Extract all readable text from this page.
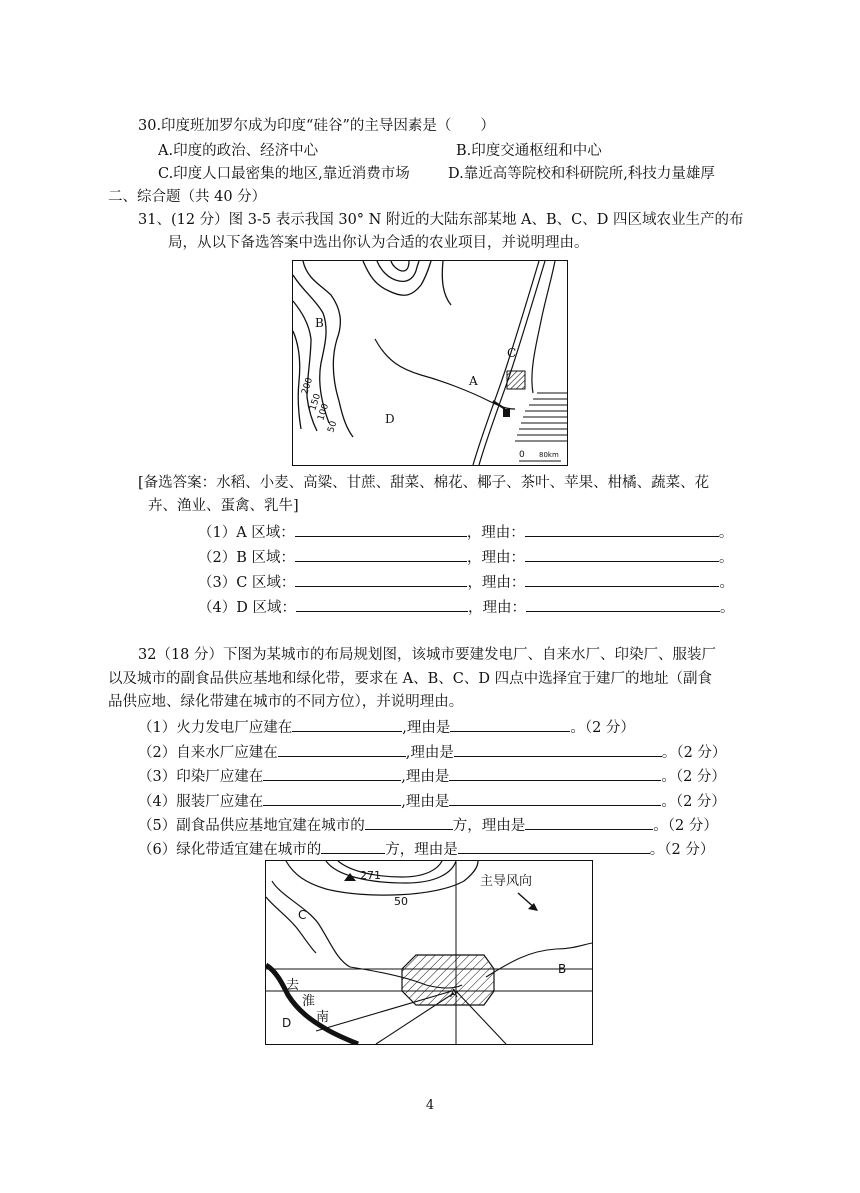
30.印度班加罗尔成为印度“硅谷”的主导因素是（　　）
A.印度的政治、经济中心	B.印度交通枢纽和中心
C.印度人口最密集的地区,靠近消费市场	D.靠近高等院校和科研院所,科技力量雄厚
二、综合题（共 40 分）
31、(12 分）图 3-5 表示我国 30° N 附近的大陆东部某地 A、B、C、D 四区域农业生产的布
局，从以下备选答案中选出你认为合适的农业项目，并说明理由。
B
C
A
D
200
150
100
50
0 80km
[备选答案：水稻、小麦、高粱、甘蔗、甜菜、棉花、椰子、茶叶、苹果、柑橘、蔬菜、花
卉、渔业、蛋禽、乳牛]
（1）A 区域：	，理由：	。
（2）B 区域：	，理由：	。
（3）C 区域：	，理由：	。
（4）D 区域：	，理由：	。
32（18 分）下图为某城市的布局规划图，该城市要建发电厂、自来水厂、印染厂、服装厂
以及城市的副食品供应基地和绿化带，要求在 A、B、C、D 四点中选择宜于建厂的地址（副食
品供应地、绿化带建在城市的不同方位），并说明理由。
（1）火力发电厂应建在	,理由是	。（2 分）
（2）自来水厂应建在	,理由是	。（2 分）
（3）印染厂应建在	,理由是	。（2 分）
（4）服装厂应建在	,理由是	。（2 分）
（5）副食品供应基地宜建在城市的	方，理由是	。（2 分）
（6）绿化带适宜建在城市的	方，理由是	。（2 分）
271
50
主导风向
C
A
B
D
去
淮
南
4
